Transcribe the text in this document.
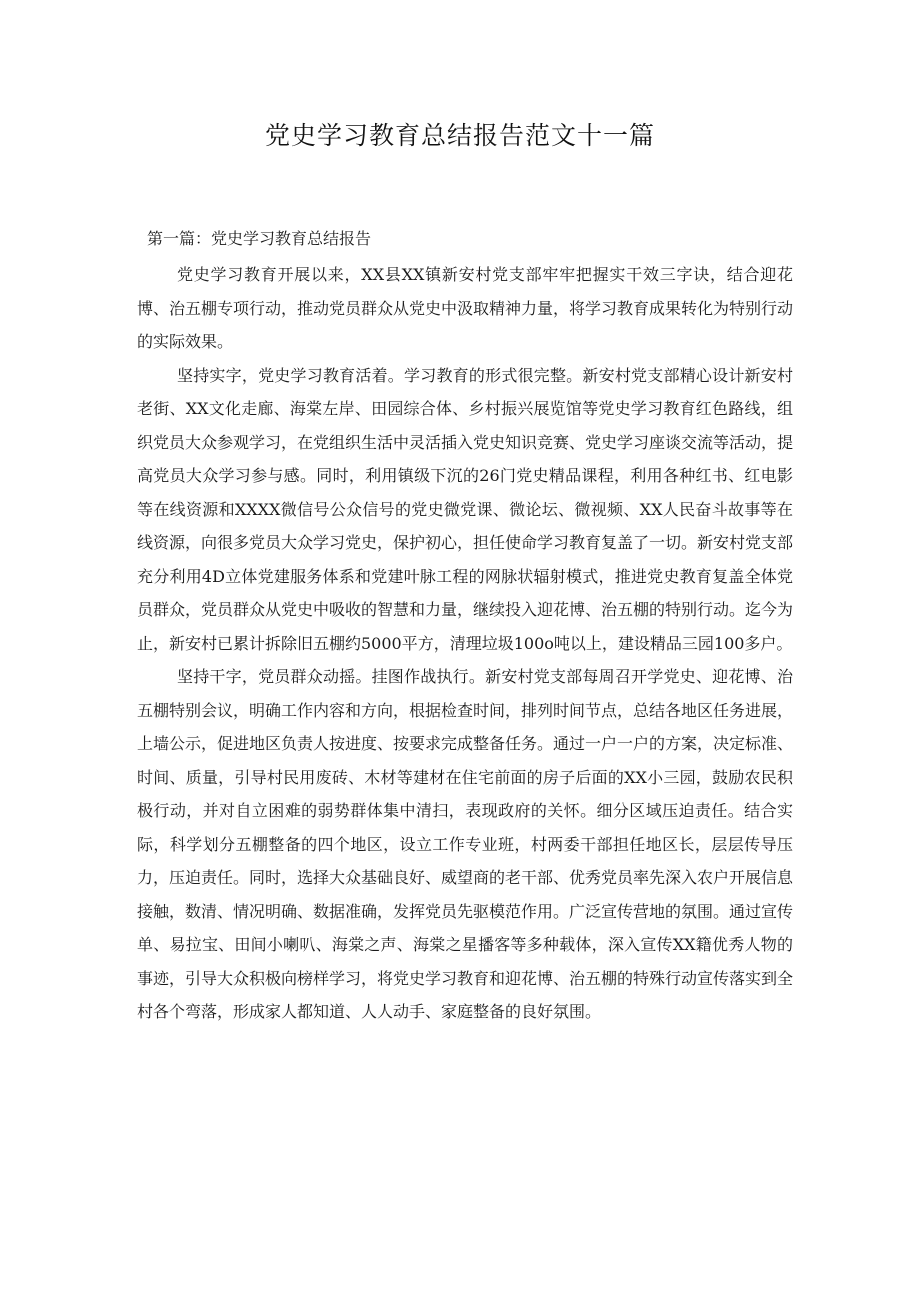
党史学习教育总结报告范文十一篇

第一篇：党史学习教育总结报告

党史学习教育开展以来，XX县XX镇新安村党支部牢牢把握实干效三字诀，结合迎花博、治五棚专项行动，推动党员群众从党史中汲取精神力量，将学习教育成果转化为特别行动的实际效果。

坚持实字，党史学习教育活着。学习教育的形式很完整。新安村党支部精心设计新安村老街、XX文化走廊、海棠左岸、田园综合体、乡村振兴展览馆等党史学习教育红色路线，组织党员大众参观学习，在党组织生活中灵活插入党史知识竞赛、党史学习座谈交流等活动，提高党员大众学习参与感。同时，利用镇级下沉的26门党史精品课程，利用各种红书、红电影等在线资源和XXXX微信号公众信号的党史微党课、微论坛、微视频、XX人民奋斗故事等在线资源，向很多党员大众学习党史，保护初心，担任使命学习教育复盖了一切。新安村党支部充分利用4D立体党建服务体系和党建叶脉工程的网脉状辐射模式，推进党史教育复盖全体党员群众，党员群众从党史中吸收的智慧和力量，继续投入迎花博、治五棚的特别行动。迄今为止，新安村已累计拆除旧五棚约5000平方，清理垃圾100o吨以上，建设精品三园100多户。

坚持干字，党员群众动摇。挂图作战执行。新安村党支部每周召开学党史、迎花博、治五棚特别会议，明确工作内容和方向，根据检查时间，排列时间节点，总结各地区任务进展，上墙公示，促进地区负责人按进度、按要求完成整备任务。通过一户一户的方案，决定标准、时间、质量，引导村民用废砖、木材等建材在住宅前面的房子后面的XX小三园，鼓励农民积极行动，并对自立困难的弱势群体集中清扫，表现政府的关怀。细分区域压迫责任。结合实际，科学划分五棚整备的四个地区，设立工作专业班，村两委干部担任地区长，层层传导压力，压迫责任。同时，选择大众基础良好、威望商的老干部、优秀党员率先深入农户开展信息接触，数清、情况明确、数据准确，发挥党员先驱模范作用。广泛宣传营地的氛围。通过宣传单、易拉宝、田间小喇叭、海棠之声、海棠之星播客等多种载体，深入宣传XX籍优秀人物的事迹，引导大众积极向榜样学习，将党史学习教育和迎花博、治五棚的特殊行动宣传落实到全村各个弯落，形成家人都知道、人人动手、家庭整备的良好氛围。
